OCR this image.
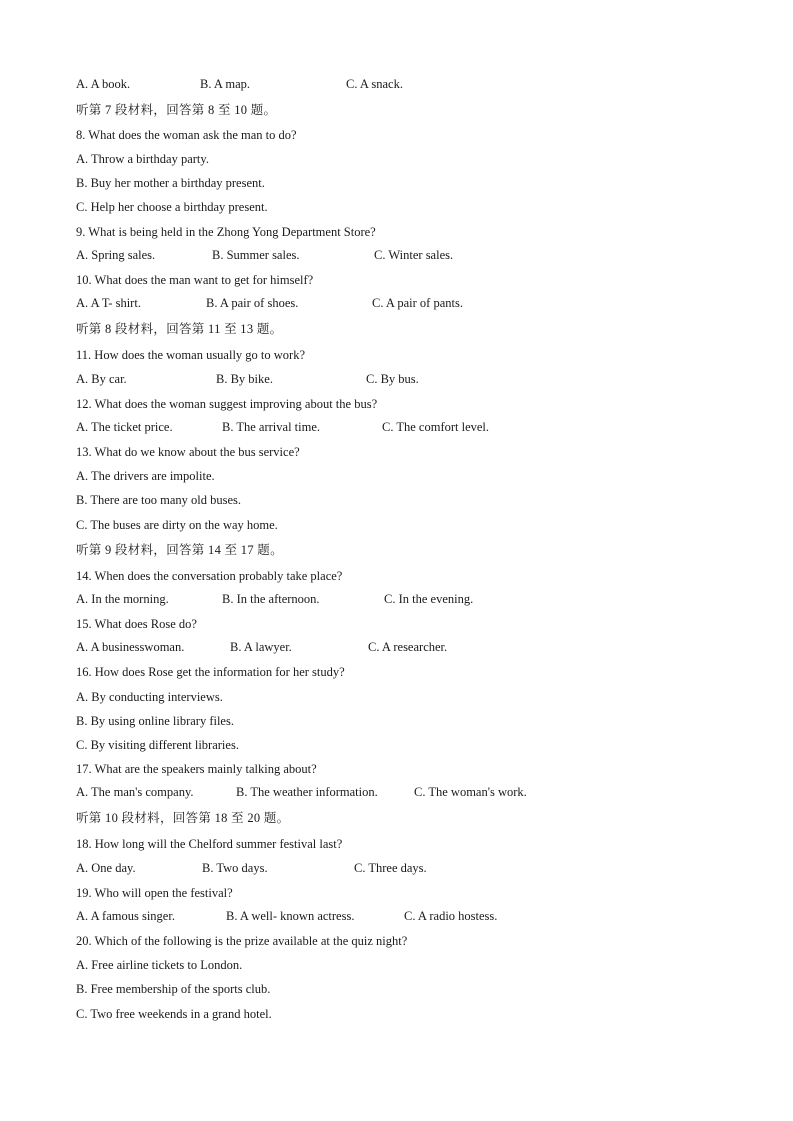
A. A book.	B. A map.	C. A snack.
听第 7 段材料，回答第 8 至 10 题。
8. What does the woman ask the man to do?
A. Throw a birthday party.
B. Buy her mother a birthday present.
C. Help her choose a birthday present.
9. What is being held in the Zhong Yong Department Store?
A. Spring sales.	B. Summer sales.	C. Winter sales.
10. What does the man want to get for himself?
A. A T- shirt.	B. A pair of shoes.	C. A pair of pants.
听第 8 段材料，回答第 11 至 13 题。
11. How does the woman usually go to work?
A. By car.	B. By bike.	C. By bus.
12. What does the woman suggest improving about the bus?
A. The ticket price.	B. The arrival time.	C. The comfort level.
13. What do we know about the bus service?
A. The drivers are impolite.
B. There are too many old buses.
C. The buses are dirty on the way home.
听第 9 段材料，回答第 14 至 17 题。
14. When does the conversation probably take place?
A. In the morning.	B. In the afternoon.	C. In the evening.
15. What does Rose do?
A. A businesswoman.	B. A lawyer.	C. A researcher.
16. How does Rose get the information for her study?
A. By conducting interviews.
B. By using online library files.
C. By visiting different libraries.
17. What are the speakers mainly talking about?
A. The man's company.	B. The weather information.	C. The woman's work.
听第 10 段材料，回答第 18 至 20 题。
18. How long will the Chelford summer festival last?
A. One day.	B. Two days.	C. Three days.
19. Who will open the festival?
A. A famous singer.	B. A well- known actress.	C. A radio hostess.
20. Which of the following is the prize available at the quiz night?
A. Free airline tickets to London.
B. Free membership of the sports club.
C. Two free weekends in a grand hotel.
